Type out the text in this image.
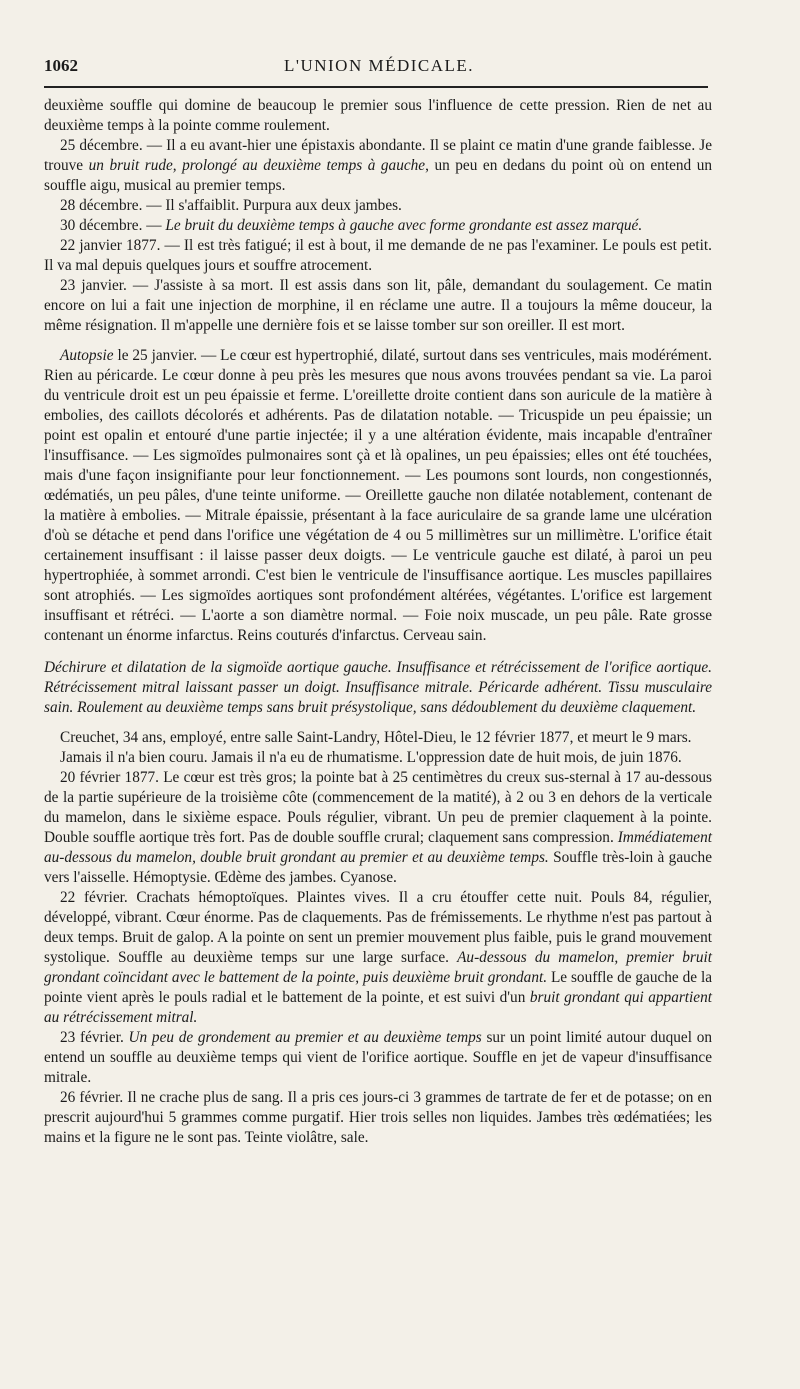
1062	L'UNION MÉDICALE.

deuxième souffle qui domine de beaucoup le premier sous l'influence de cette pression. Rien de net au deuxième temps à la pointe comme roulement.

25 décembre. — Il a eu avant-hier une épistaxis abondante. Il se plaint ce matin d'une grande faiblesse. Je trouve un bruit rude, prolongé au deuxième temps à gauche, un peu en dedans du point où on entend un souffle aigu, musical au premier temps.

28 décembre. — Il s'affaiblit. Purpura aux deux jambes.

30 décembre. — Le bruit du deuxième temps à gauche avec forme grondante est assez marqué.

22 janvier 1877. — Il est très fatigué; il est à bout, il me demande de ne pas l'examiner. Le pouls est petit. Il va mal depuis quelques jours et souffre atrocement.

23 janvier. — J'assiste à sa mort. Il est assis dans son lit, pâle, demandant du soulagement. Ce matin encore on lui a fait une injection de morphine, il en réclame une autre. Il a toujours la même douceur, la même résignation. Il m'appelle une dernière fois et se laisse tomber sur son oreiller. Il est mort.

Autopsie le 25 janvier. — Le cœur est hypertrophié, dilaté, surtout dans ses ventricules, mais modérément. Rien au péricarde. Le cœur donne à peu près les mesures que nous avons trouvées pendant sa vie. La paroi du ventricule droit est un peu épaissie et ferme. L'oreillette droite contient dans son auricule de la matière à embolies, des caillots décolorés et adhérents. Pas de dilatation notable. — Tricuspide un peu épaissie; un point est opalin et entouré d'une partie injectée; il y a une altération évidente, mais incapable d'entraîner l'insuffisance. — Les sigmoïdes pulmonaires sont çà et là opalines, un peu épaissies; elles ont été touchées, mais d'une façon insignifiante pour leur fonctionnement. — Les poumons sont lourds, non congestionnés, œdématiés, un peu pâles, d'une teinte uniforme. — Oreillette gauche non dilatée notablement, contenant de la matière à embolies. — Mitrale épaissie, présentant à la face auriculaire de sa grande lame une ulcération d'où se détache et pend dans l'orifice une végétation de 4 ou 5 millimètres sur un millimètre. L'orifice était certainement insuffisant : il laisse passer deux doigts. — Le ventricule gauche est dilaté, à paroi un peu hypertrophiée, à sommet arrondi. C'est bien le ventricule de l'insuffisance aortique. Les muscles papillaires sont atrophiés. — Les sigmoïdes aortiques sont profondément altérées, végétantes. L'orifice est largement insuffisant et rétréci. — L'aorte a son diamètre normal. — Foie noix muscade, un peu pâle. Rate grosse contenant un énorme infarctus. Reins couturés d'infarctus. Cerveau sain.

Déchirure et dilatation de la sigmoïde aortique gauche. Insuffisance et rétrécissement de l'orifice aortique. Rétrécissement mitral laissant passer un doigt. Insuffisance mitrale. Péricarde adhérent. Tissu musculaire sain. Roulement au deuxième temps sans bruit présystolique, sans dédoublement du deuxième claquement.

Creuchet, 34 ans, employé, entre salle Saint-Landry, Hôtel-Dieu, le 12 février 1877, et meurt le 9 mars.

Jamais il n'a bien couru. Jamais il n'a eu de rhumatisme. L'oppression date de huit mois, de juin 1876.

20 février 1877. Le cœur est très gros; la pointe bat à 25 centimètres du creux sus-sternal à 17 au-dessous de la partie supérieure de la troisième côte (commencement de la matité), à 2 ou 3 en dehors de la verticale du mamelon, dans le sixième espace. Pouls régulier, vibrant. Un peu de premier claquement à la pointe. Double souffle aortique très fort. Pas de double souffle crural; claquement sans compression. Immédiatement au-dessous du mamelon, double bruit grondant au premier et au deuxième temps. Souffle très-loin à gauche vers l'aisselle. Hémoptysie. Œdème des jambes. Cyanose.

22 février. Crachats hémoptoïques. Plaintes vives. Il a cru étouffer cette nuit. Pouls 84, régulier, développé, vibrant. Cœur énorme. Pas de claquements. Pas de frémissements. Le rhythme n'est pas partout à deux temps. Bruit de galop. A la pointe on sent un premier mouvement plus faible, puis le grand mouvement systolique. Souffle au deuxième temps sur une large surface. Au-dessous du mamelon, premier bruit grondant coïncidant avec le battement de la pointe, puis deuxième bruit grondant. Le souffle de gauche de la pointe vient après le pouls radial et le battement de la pointe, et est suivi d'un bruit grondant qui appartient au rétrécissement mitral.

23 février. Un peu de grondement au premier et au deuxième temps sur un point limité autour duquel on entend un souffle au deuxième temps qui vient de l'orifice aortique. Souffle en jet de vapeur d'insuffisance mitrale.

26 février. Il ne crache plus de sang. Il a pris ces jours-ci 3 grammes de tartrate de fer et de potasse; on en prescrit aujourd'hui 5 grammes comme purgatif. Hier trois selles non liquides. Jambes très œdématiées; les mains et la figure ne le sont pas. Teinte violâtre, sale.
